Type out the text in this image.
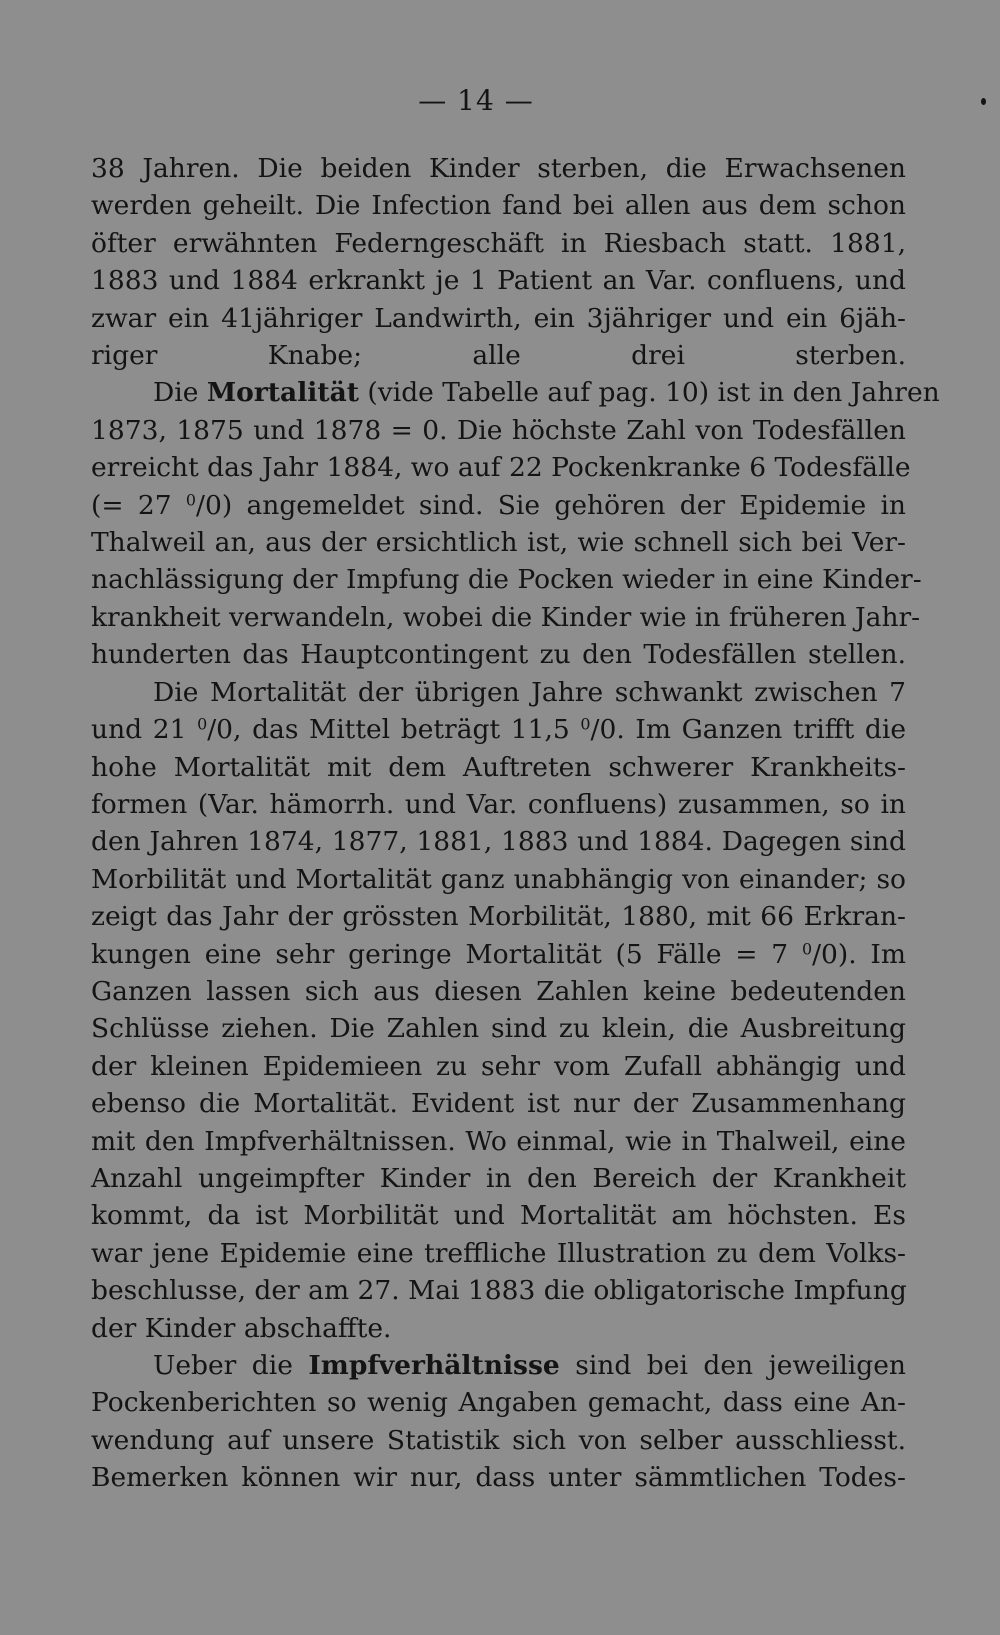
— 14 —
38 Jahren. Die beiden Kinder sterben, die Erwachsenen
werden geheilt. Die Infection fand bei allen aus dem schon
öfter erwähnten Federngeschäft in Riesbach statt. 1881,
1883 und 1884 erkrankt je 1 Patient an Var. confluens, und
zwar ein 41jähriger Landwirth, ein 3jähriger und ein 6jäh-
riger Knabe; alle drei sterben.
Die Mortalität (vide Tabelle auf pag. 10) ist in den Jahren
1873, 1875 und 1878 = 0. Die höchste Zahl von Todesfällen
erreicht das Jahr 1884, wo auf 22 Pockenkranke 6 Todesfälle
(= 27 $^0$/0) angemeldet sind. Sie gehören der Epidemie in
Thalweil an, aus der ersichtlich ist, wie schnell sich bei Ver-
nachlässigung der Impfung die Pocken wieder in eine Kinder-
krankheit verwandeln, wobei die Kinder wie in früheren Jahr-
hunderten das Hauptcontingent zu den Todesfällen stellen.
Die Mortalität der übrigen Jahre schwankt zwischen 7
und 21 $^0$/0, das Mittel beträgt 11,5 $^0$/0. Im Ganzen trifft die
hohe Mortalität mit dem Auftreten schwerer Krankheits-
formen (Var. hämorrh. und Var. confluens) zusammen, so in
den Jahren 1874, 1877, 1881, 1883 und 1884. Dagegen sind
Morbilität und Mortalität ganz unabhängig von einander; so
zeigt das Jahr der grössten Morbilität, 1880, mit 66 Erkran-
kungen eine sehr geringe Mortalität (5 Fälle = 7 $^0$/0). Im
Ganzen lassen sich aus diesen Zahlen keine bedeutenden
Schlüsse ziehen. Die Zahlen sind zu klein, die Ausbreitung
der kleinen Epidemieen zu sehr vom Zufall abhängig und
ebenso die Mortalität. Evident ist nur der Zusammenhang
mit den Impfverhältnissen. Wo einmal, wie in Thalweil, eine
Anzahl ungeimpfter Kinder in den Bereich der Krankheit
kommt, da ist Morbilität und Mortalität am höchsten. Es
war jene Epidemie eine treffliche Illustration zu dem Volks-
beschlusse, der am 27. Mai 1883 die obligatorische Impfung
der Kinder abschaffte.
Ueber die Impfverhältnisse sind bei den jeweiligen
Pockenberichten so wenig Angaben gemacht, dass eine An-
wendung auf unsere Statistik sich von selber ausschliesst.
Bemerken können wir nur, dass unter sämmtlichen Todes-
